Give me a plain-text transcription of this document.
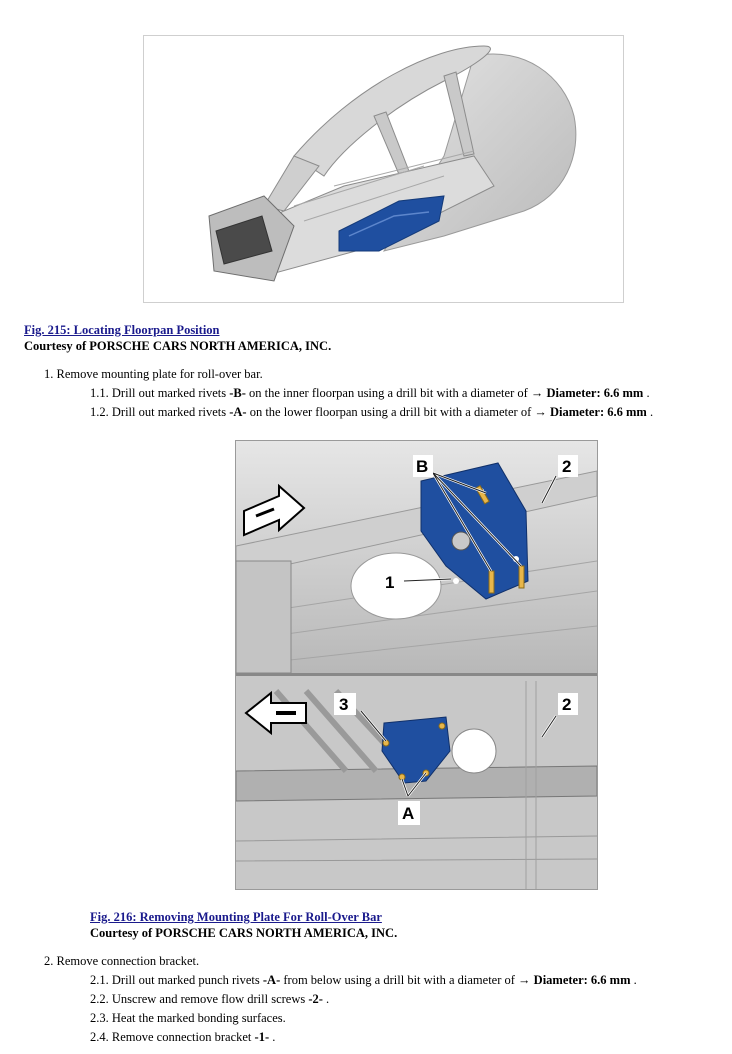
Fig. 215: Locating Floorpan Position
Courtesy of PORSCHE CARS NORTH AMERICA, INC.
1. Remove mounting plate for roll-over bar.
1.1. Drill out marked rivets -B- on the inner floorpan using a drill bit with a diameter of → Diameter: 6.6 mm .
1.2. Drill out marked rivets -A- on the lower floorpan using a drill bit with a diameter of → Diameter: 6.6 mm .
B	2
1
3	2
A
Fig. 216: Removing Mounting Plate For Roll-Over Bar
Courtesy of PORSCHE CARS NORTH AMERICA, INC.
2. Remove connection bracket.
2.1. Drill out marked punch rivets -A- from below using a drill bit with a diameter of → Diameter: 6.6 mm .
2.2. Unscrew and remove flow drill screws -2- .
2.3. Heat the marked bonding surfaces.
2.4. Remove connection bracket -1- .
